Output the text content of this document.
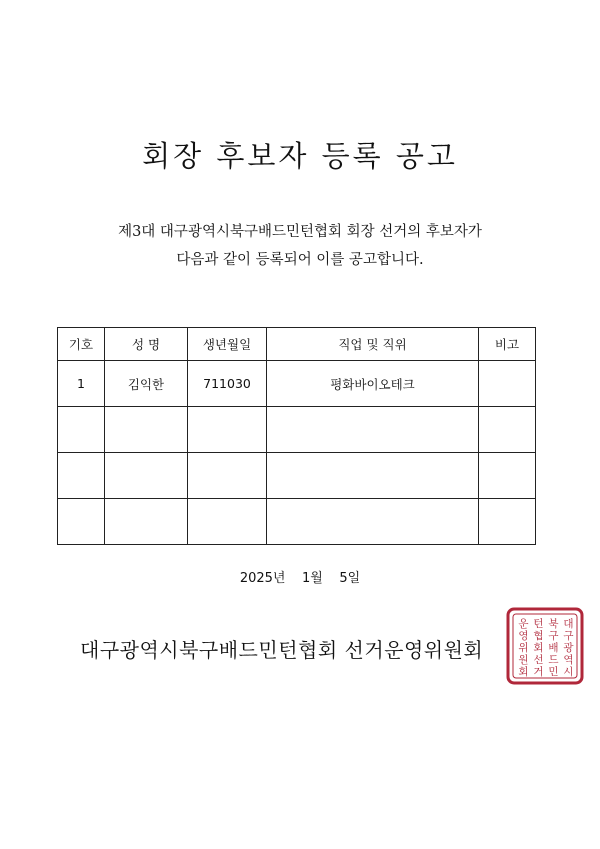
회장 후보자 등록 공고
제3대 대구광역시북구배드민턴협회 회장 선거의 후보자가
다음과 같이 등록되어 이를 공고합니다.
기호	성 명	생년월일	직업 및 직위	비고
1	김익한	711030	평화바이오테크	

2025년    1월    5일
대구광역시북구배드민턴협회 선거운영위원회
대
구
광
역
시
북
구
배
드
민
턴
협
회
선
거
운
영
위
원
회
